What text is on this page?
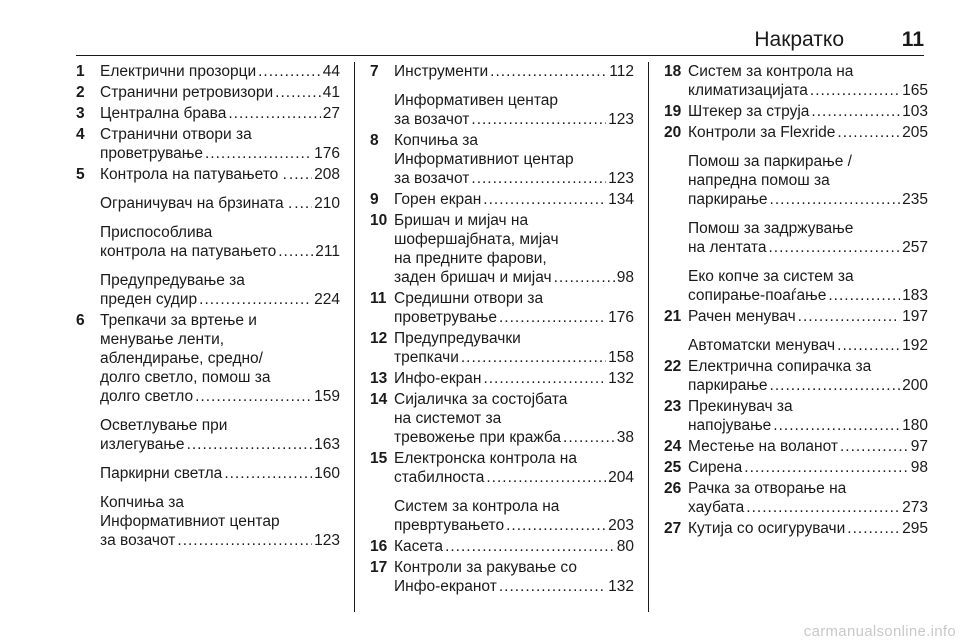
Накратко	11
1 Електрични прозорци .....	44
2 Странични ретровизори .....	41
3 Централна брава .....	27
4 Странични отвори за
проветрување .....	176
5 Контрола на патувањето . ..... 208
Ограничувач на брзината . ..... 210
Приспособлива
контрола на патувањето .....	211
Предупредување за
преден судир .....	224
6 Трепкачи за вртење и
менување ленти,
аблендирање, средно/
долго светло, помош за
долго светло .....	159
Осветлување при
излегување .....	163
Паркирни светла .....	160
Копчиња за
Информативниот центар
за возачот .....	123
7 Инструменти .....	112
Информативен центар
за возачот .....	123
8 Копчиња за
Информативниот центар
за возачот .....	123
9 Горен екран .....	134
10 Бришач и мијач на
шофершајбната, мијач
на предните фарови,
заден бришач и мијач .....	98
11 Средишни отвори за
проветрување .....	176
12 Предупредувачки
трепкачи .....	158
13 Инфо-екран .....	132
14 Сијаличка за состојбата
на системот за
тревожење при кражба .....	38
15 Електронска контрола на
стабилноста .....	204
Систем за контрола на
превртувањето .....	203
16 Касета .....	80
17 Контроли за ракување со
Инфо-екранот .....	132
18 Систем за контрола на
климатизацијата .....	165
19 Штекер за струја .....	103
20 Контроли за Flexride .....	205
Помош за паркирање /
напредна помош за
паркирање .....	235
Помош за задржување
на лентата .....	257
Еко копче за систем за
сопирање-поаѓање .....	183
21 Рачен менувач .....	197
Автоматски менувач .....	192
22 Електрична сопирачка за
паркирање .....	200
23 Прекинувач за
напојување .....	180
24 Местење на воланот .....	97
25 Сирена .....	98
26 Рачка за отворање на
хаубата .....	273
27 Кутија со осигурувачи .....	295
carmanualsonline.info
